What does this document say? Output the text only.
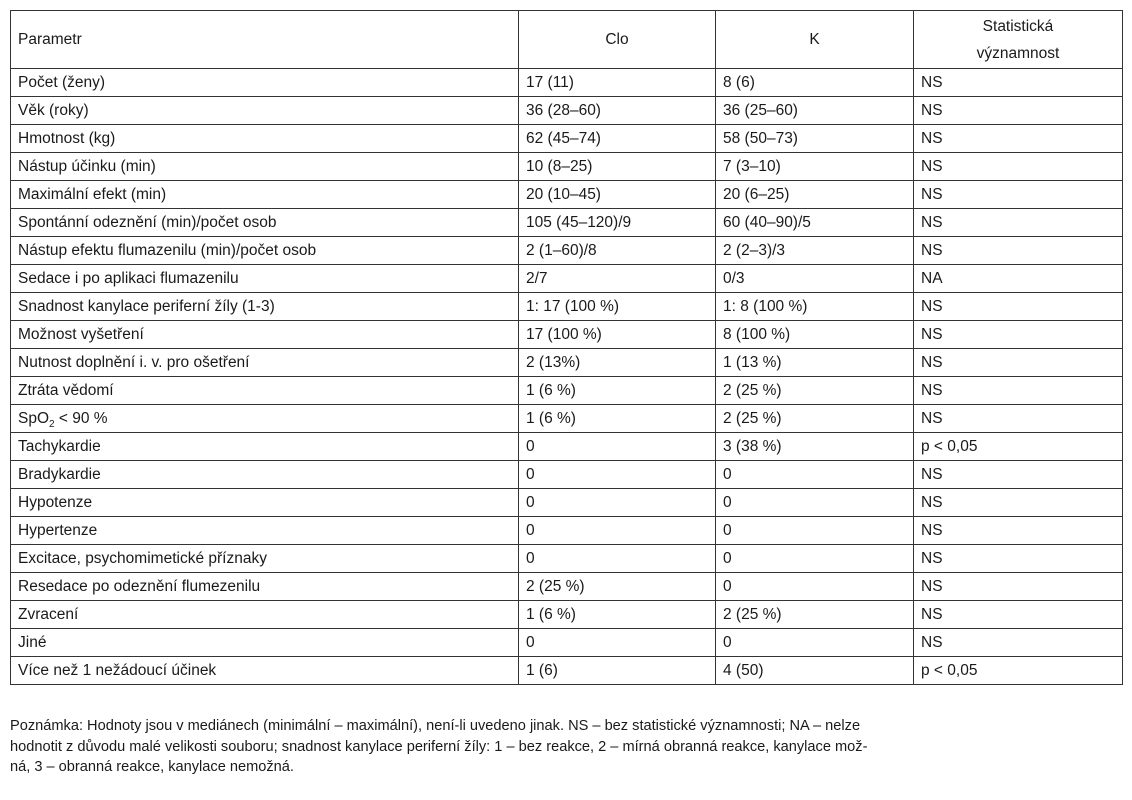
Parametr	Clo	K	Statistická
významnost
Počet (ženy)	17 (11)	8 (6)	NS
Věk (roky)	36 (28–60)	36 (25–60)	NS
Hmotnost (kg)	62 (45–74)	58 (50–73)	NS
Nástup účinku (min)	10 (8–25)	7 (3–10)	NS
Maximální efekt (min)	20 (10–45)	20 (6–25)	NS
Spontánní odeznění (min)/počet osob	105 (45–120)/9	60 (40–90)/5	NS
Nástup efektu flumazenilu (min)/počet osob	2 (1–60)/8	2 (2–3)/3	NS
Sedace i po aplikaci flumazenilu	2/7	0/3	NA
Snadnost kanylace periferní žíly (1-3)	1: 17 (100 %)	1: 8 (100 %)	NS
Možnost vyšetření	17 (100 %)	8 (100 %)	NS
Nutnost doplnění i. v. pro ošetření	2 (13%)	1 (13 %)	NS
Ztráta vědomí	1 (6 %)	2 (25 %)	NS
SpO$_2$ < 90 %	1 (6 %)	2 (25 %)	NS
Tachykardie	0	3 (38 %)	p < 0,05
Bradykardie	0	0	NS
Hypotenze	0	0	NS
Hypertenze	0	0	NS
Excitace, psychomimetické příznaky	0	0	NS
Resedace po odeznění flumezenilu	2 (25 %)	0	NS
Zvracení	1 (6 %)	2 (25 %)	NS
Jiné	0	0	NS
Více než 1 nežádoucí účinek	1 (6)	4 (50)	p < 0,05
Poznámka: Hodnoty jsou v mediánech (minimální – maximální), není-li uvedeno jinak. NS – bez statistické významnosti; NA – nelze
hodnotit z důvodu malé velikosti souboru; snadnost kanylace periferní žíly: 1 – bez reakce, 2 – mírná obranná reakce, kanylace mož-
ná, 3 – obranná reakce, kanylace nemožná.
